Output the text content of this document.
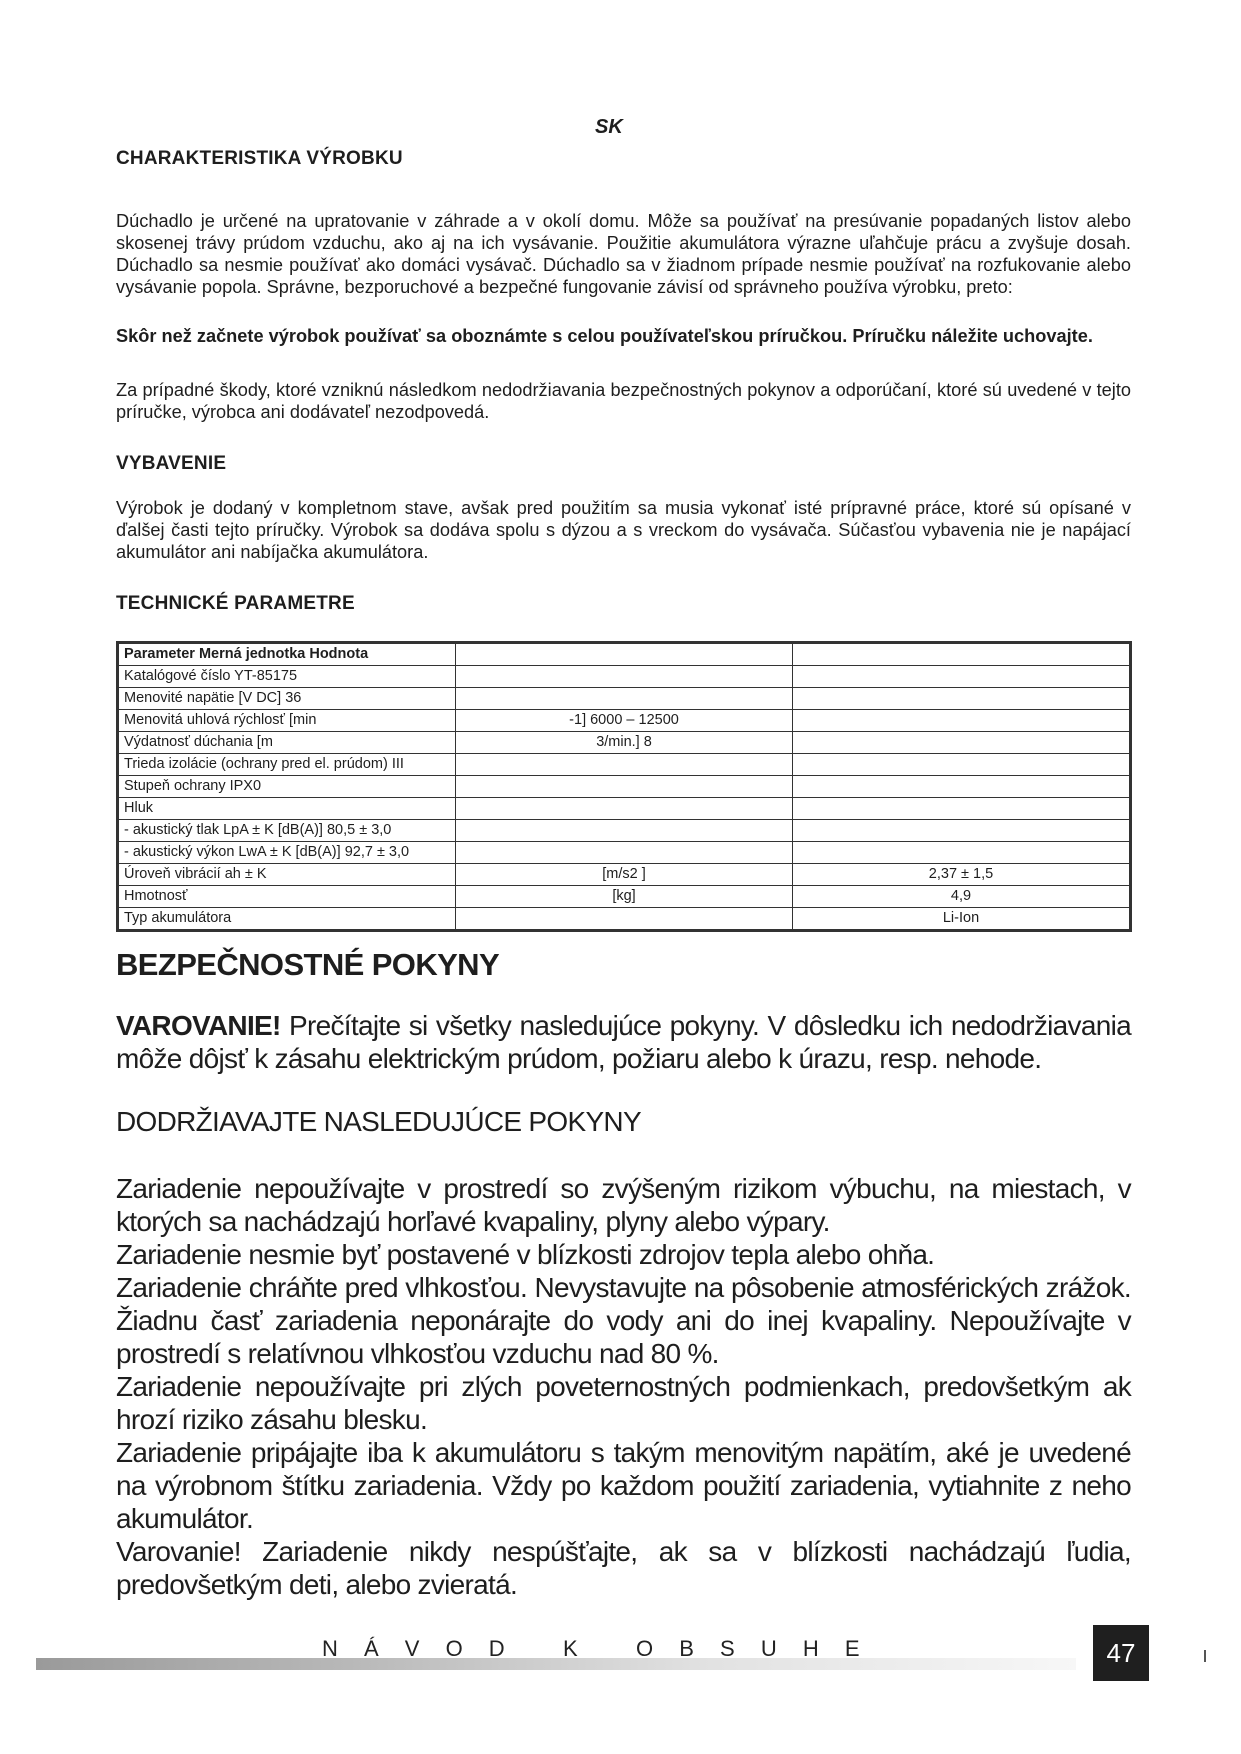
SK
CHARAKTERISTIKA VÝROBKU

Dúchadlo je určené na upratovanie v záhrade a v okolí domu. Môže sa používať na presúvanie popadaných listov alebo skosenej trávy prúdom vzduchu, ako aj na ich vysávanie. Použitie akumulátora výrazne uľahčuje prácu a zvyšuje dosah. Dúchadlo sa nesmie používať ako domáci vysávač. Dúchadlo sa v žiadnom prípade nesmie používať na rozfukovanie alebo vysávanie popola. Správne, bezporuchové a bezpečné fungovanie závisí od správneho používa výrobku, preto:

Skôr než začnete výrobok používať sa oboznámte s celou používateľskou príručkou. Príručku náležite uchovajte.

Za prípadné škody, ktoré vzniknú následkom nedodržiavania bezpečnostných pokynov a odporúčaní, ktoré sú uvedené v tejto príručke, výrobca ani dodávateľ nezodpovedá.

VYBAVENIE

Výrobok je dodaný v kompletnom stave, avšak pred použitím sa musia vykonať isté prípravné práce, ktoré sú opísané v ďalšej časti tejto príručky. Výrobok sa dodáva spolu s dýzou a s vreckom do vysávača. Súčasťou vybavenia nie je napájací akumulátor ani nabíjačka akumulátora.

TECHNICKÉ PARAMETRE
Parameter Merná jednotka Hodnota		
Katalógové číslo YT-85175		
Menovité napätie [V DC] 36		
Menovitá uhlová rýchlosť [min	-1] 6000 – 12500	
Výdatnosť dúchania [m	3/min.] 8	
Trieda izolácie (ochrany pred el. prúdom) III		
Stupeň ochrany IPX0		
Hluk		
- akustický tlak LpA ± K [dB(A)] 80,5 ± 3,0		
- akustický výkon LwA ± K [dB(A)] 92,7 ± 3,0		
Úroveň vibrácií ah ± K	[m/s2 ]	2,37 ± 1,5
Hmotnosť	[kg]	4,9
Typ akumulátora		Li-Ion
BEZPEČNOSTNÉ POKYNY

VAROVANIE! Prečítajte si všetky nasledujúce pokyny. V dôsledku ich nedodržiavania môže dôjsť k zásahu elektrickým prúdom, požiaru alebo k úrazu, resp. nehode.

DODRŽIAVAJTE NASLEDUJÚCE POKYNY

Zariadenie nepoužívajte v prostredí so zvýšeným rizikom výbuchu, na miestach, v ktorých sa nachádzajú horľavé kvapaliny, plyny alebo výpary.

Zariadenie nesmie byť postavené v blízkosti zdrojov tepla alebo ohňa.

Zariadenie chráňte pred vlhkosťou. Nevystavujte na pôsobenie atmosférických zrážok. Žiadnu časť zariadenia neponárajte do vody ani do inej kvapaliny. Nepoužívajte v prostredí s relatívnou vlhkosťou vzduchu nad 80 %.

Zariadenie nepoužívajte pri zlých poveternostných podmienkach, predovšetkým ak hrozí riziko zásahu blesku.

Zariadenie pripájajte iba k akumulátoru s takým menovitým napätím, aké je uvedené na výrobnom štítku zariadenia. Vždy po každom použití zariadenia, vytiahnite z neho akumulátor.

Varovanie! Zariadenie nikdy nespúšťajte, ak sa v blízkosti nachádzajú ľudia, predovšetkým deti, alebo zvieratá.

N Á V O D   K   O B S U H E	47
